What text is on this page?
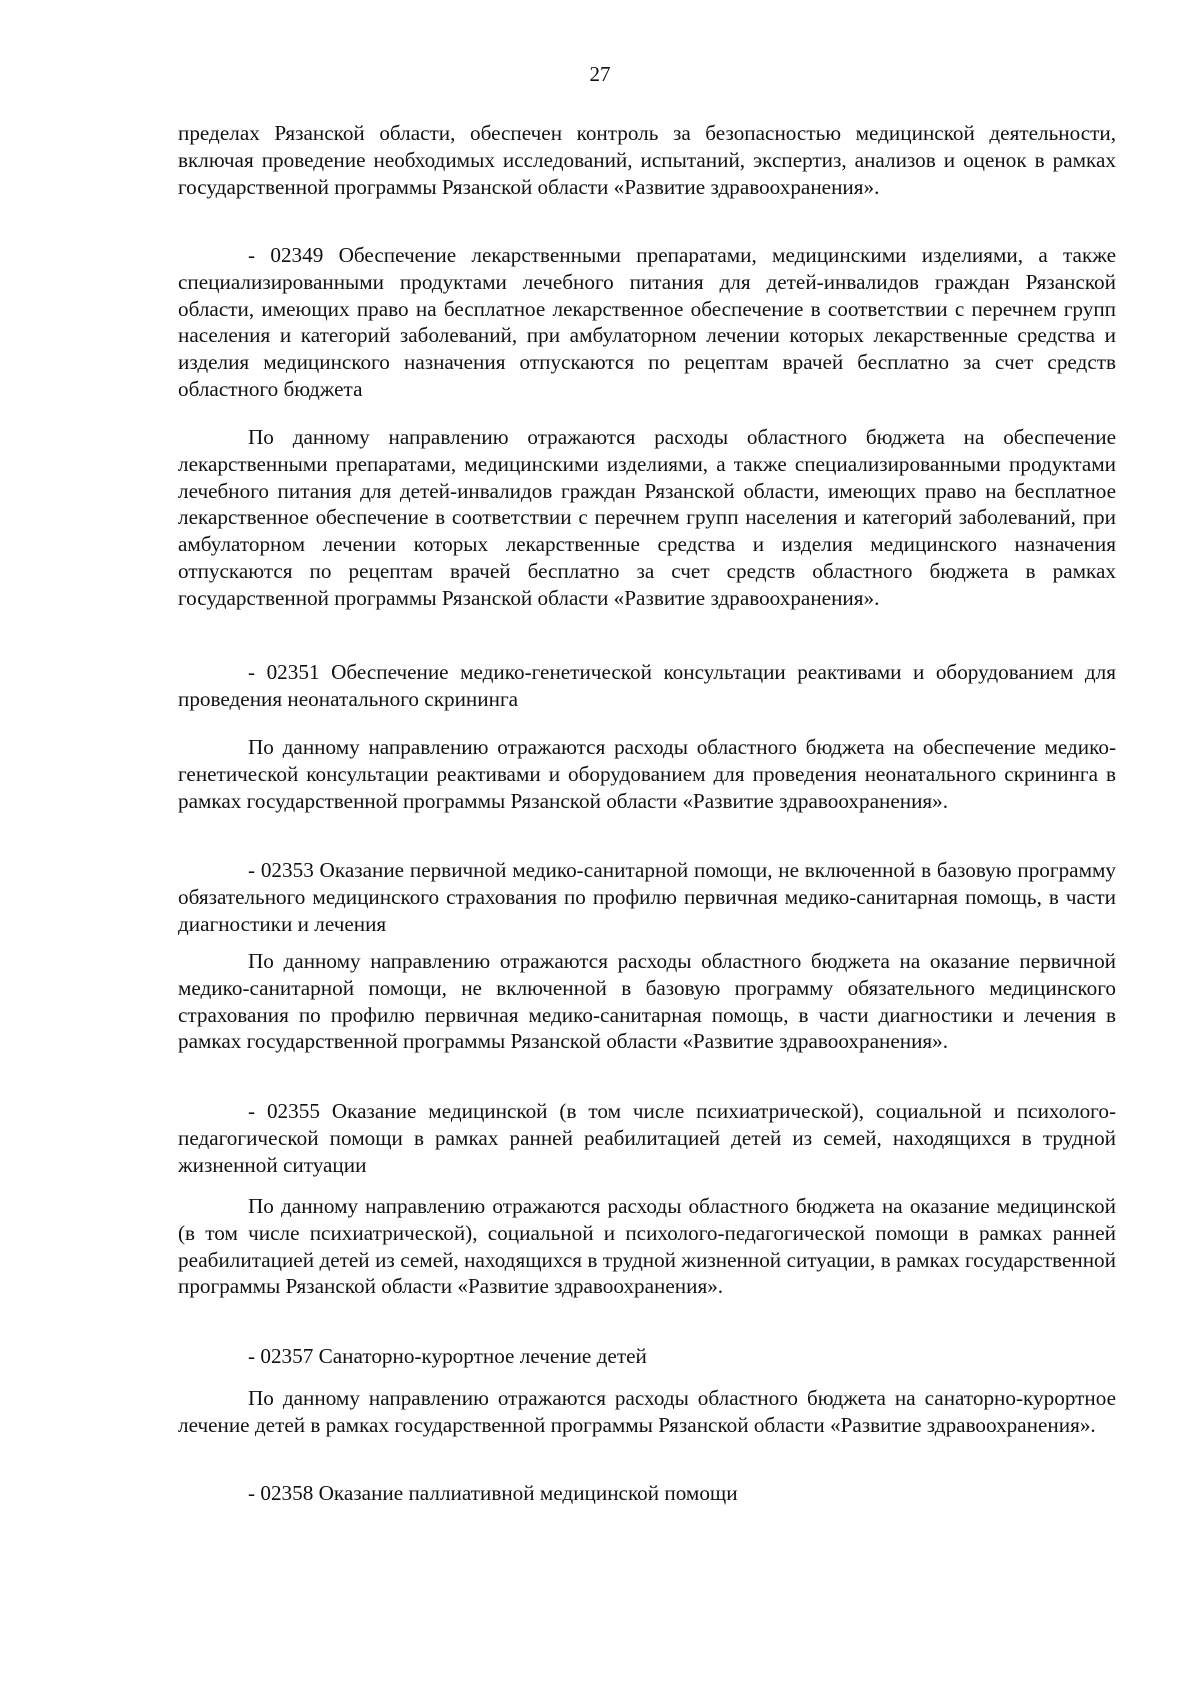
27

пределах Рязанской области, обеспечен контроль за безопасностью медицинской деятельности, включая проведение необходимых исследований, испытаний, экспертиз, анализов и оценок в рамках государственной программы Рязанской области «Развитие здравоохранения».

- 02349 Обеспечение лекарственными препаратами, медицинскими изделиями, а также специализированными продуктами лечебного питания для детей-инвалидов граждан Рязанской области, имеющих право на бесплатное лекарственное обеспечение в соответствии с перечнем групп населения и категорий заболеваний, при амбулаторном лечении которых лекарственные средства и изделия медицинского назначения отпускаются по рецептам врачей бесплатно за счет средств областного бюджета

По данному направлению отражаются расходы областного бюджета на обеспечение лекарственными препаратами, медицинскими изделиями, а также специализированными продуктами лечебного питания для детей-инвалидов граждан Рязанской области, имеющих право на бесплатное лекарственное обеспечение в соответствии с перечнем групп населения и категорий заболеваний, при амбулаторном лечении которых лекарственные средства и изделия медицинского назначения отпускаются по рецептам врачей бесплатно за счет средств областного бюджета в рамках государственной программы Рязанской области «Развитие здравоохранения».

- 02351 Обеспечение медико-генетической консультации реактивами и оборудованием для проведения неонатального скрининга

По данному направлению отражаются расходы областного бюджета на обеспечение медико-генетической консультации реактивами и оборудованием для проведения неонатального скрининга в рамках государственной программы Рязанской области «Развитие здравоохранения».

- 02353 Оказание первичной медико-санитарной помощи, не включенной в базовую программу обязательного медицинского страхования по профилю первичная медико-санитарная помощь, в части диагностики и лечения

По данному направлению отражаются расходы областного бюджета на оказание первичной медико-санитарной помощи, не включенной в базовую программу обязательного медицинского страхования по профилю первичная медико-санитарная помощь, в части диагностики и лечения в рамках государственной программы Рязанской области «Развитие здравоохранения».

- 02355 Оказание медицинской (в том числе психиатрической), социальной и психолого-педагогической помощи в рамках ранней реабилитацией детей из семей, находящихся в трудной жизненной ситуации

По данному направлению отражаются расходы областного бюджета на оказание медицинской (в том числе психиатрической), социальной и психолого-педагогической помощи в рамках ранней реабилитацией детей из семей, находящихся в трудной жизненной ситуации, в рамках государственной программы Рязанской области «Развитие здравоохранения».

- 02357 Санаторно-курортное лечение детей

По данному направлению отражаются расходы областного бюджета на санаторно-курортное лечение детей в рамках государственной программы Рязанской области «Развитие здравоохранения».

- 02358 Оказание паллиативной медицинской помощи
